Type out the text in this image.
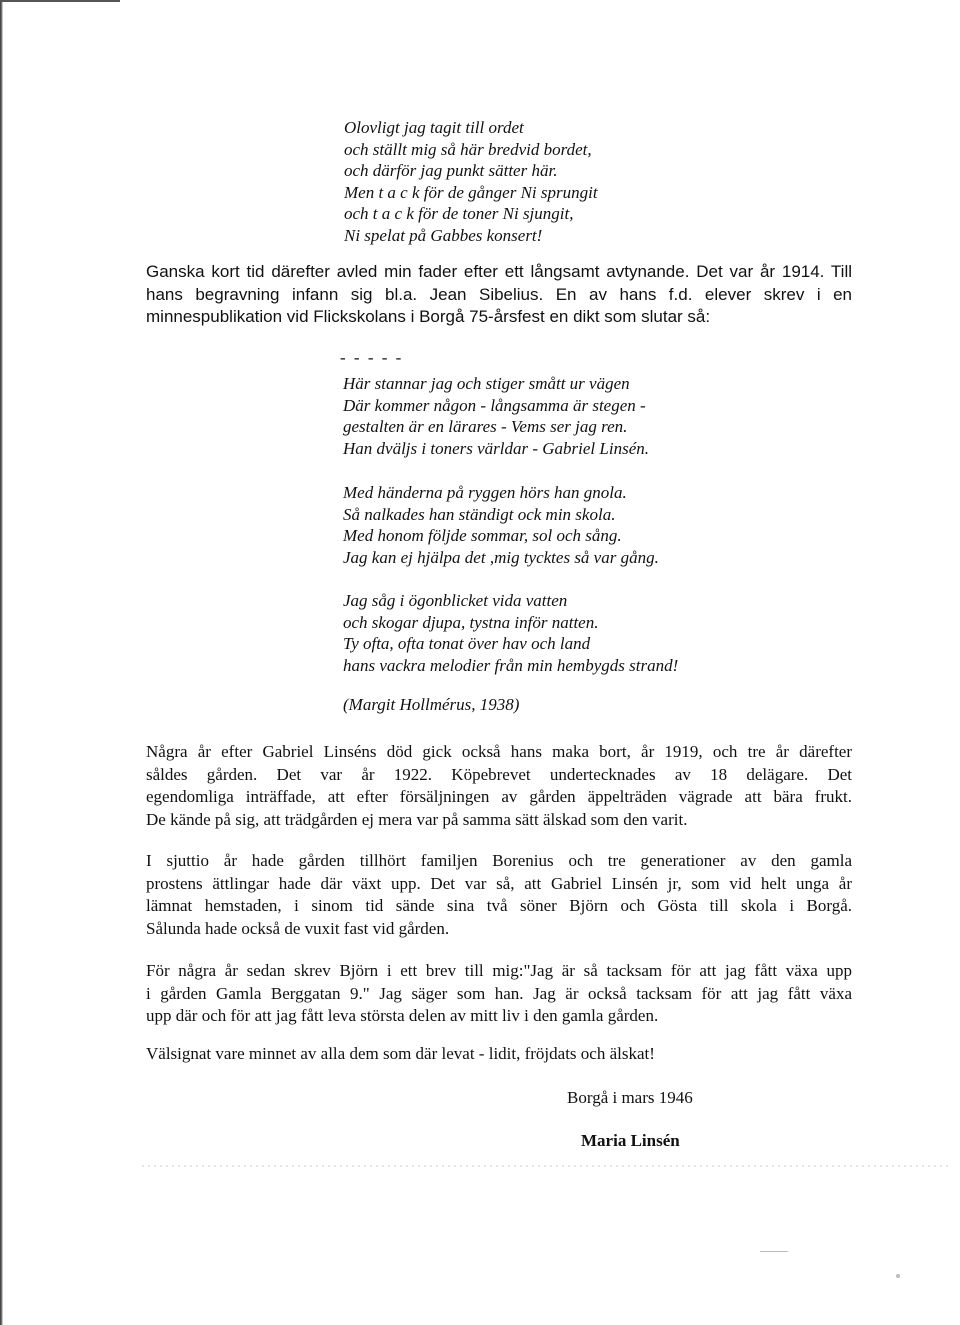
Olovligt jag tagit till ordet
och ställt mig så här bredvid bordet,
och därför jag punkt sätter här.
Men t a c k för de gånger Ni sprungit
och t a c k för de toner Ni sjungit,
Ni spelat på Gabbes konsert!
Ganska kort tid därefter avled min fader efter ett långsamt avtynande. Det var år 1914. Till
hans begravning infann sig bl.a. Jean Sibelius. En av hans f.d. elever skrev i en
minnespublikation vid Flickskolans i Borgå 75-årsfest en dikt som slutar så:
- - - - -
Här stannar jag och stiger smått ur vägen
Där kommer någon - långsamma är stegen -
gestalten är en lärares - Vems ser jag ren.
Han dväljs i toners världar - Gabriel Linsén.
Med händerna på ryggen hörs han gnola.
Så nalkades han ständigt ock min skola.
Med honom följde sommar, sol och sång.
Jag kan ej hjälpa det ,mig tycktes så var gång.
Jag såg i ögonblicket vida vatten
och skogar djupa, tystna inför natten.
Ty ofta, ofta tonat över hav och land
hans vackra melodier från min hembygds strand!
(Margit Hollmérus, 1938)
Några år efter Gabriel Linséns död gick också hans maka bort, år 1919, och tre år därefter
såldes gården. Det var år 1922. Köpebrevet undertecknades av 18 delägare. Det
egendomliga inträffade, att efter försäljningen av gården äppelträden vägrade att bära frukt.
De kände på sig, att trädgården ej mera var på samma sätt älskad som den varit.
I sjuttio år hade gården tillhört familjen Borenius och tre generationer av den gamla
prostens ättlingar hade där växt upp. Det var så, att Gabriel Linsén jr, som vid helt unga år
lämnat hemstaden, i sinom tid sände sina två söner Björn och Gösta till skola i Borgå.
Sålunda hade också de vuxit fast vid gården.
För några år sedan skrev Björn i ett brev till mig:"Jag är så tacksam för att jag fått växa upp
i gården Gamla Berggatan 9." Jag säger som han. Jag är också tacksam för att jag fått växa
upp där och för att jag fått leva största delen av mitt liv i den gamla gården.
Välsignat vare minnet av alla dem som där levat - lidit, fröjdats och älskat!
Borgå i mars 1946
Maria Linsén
